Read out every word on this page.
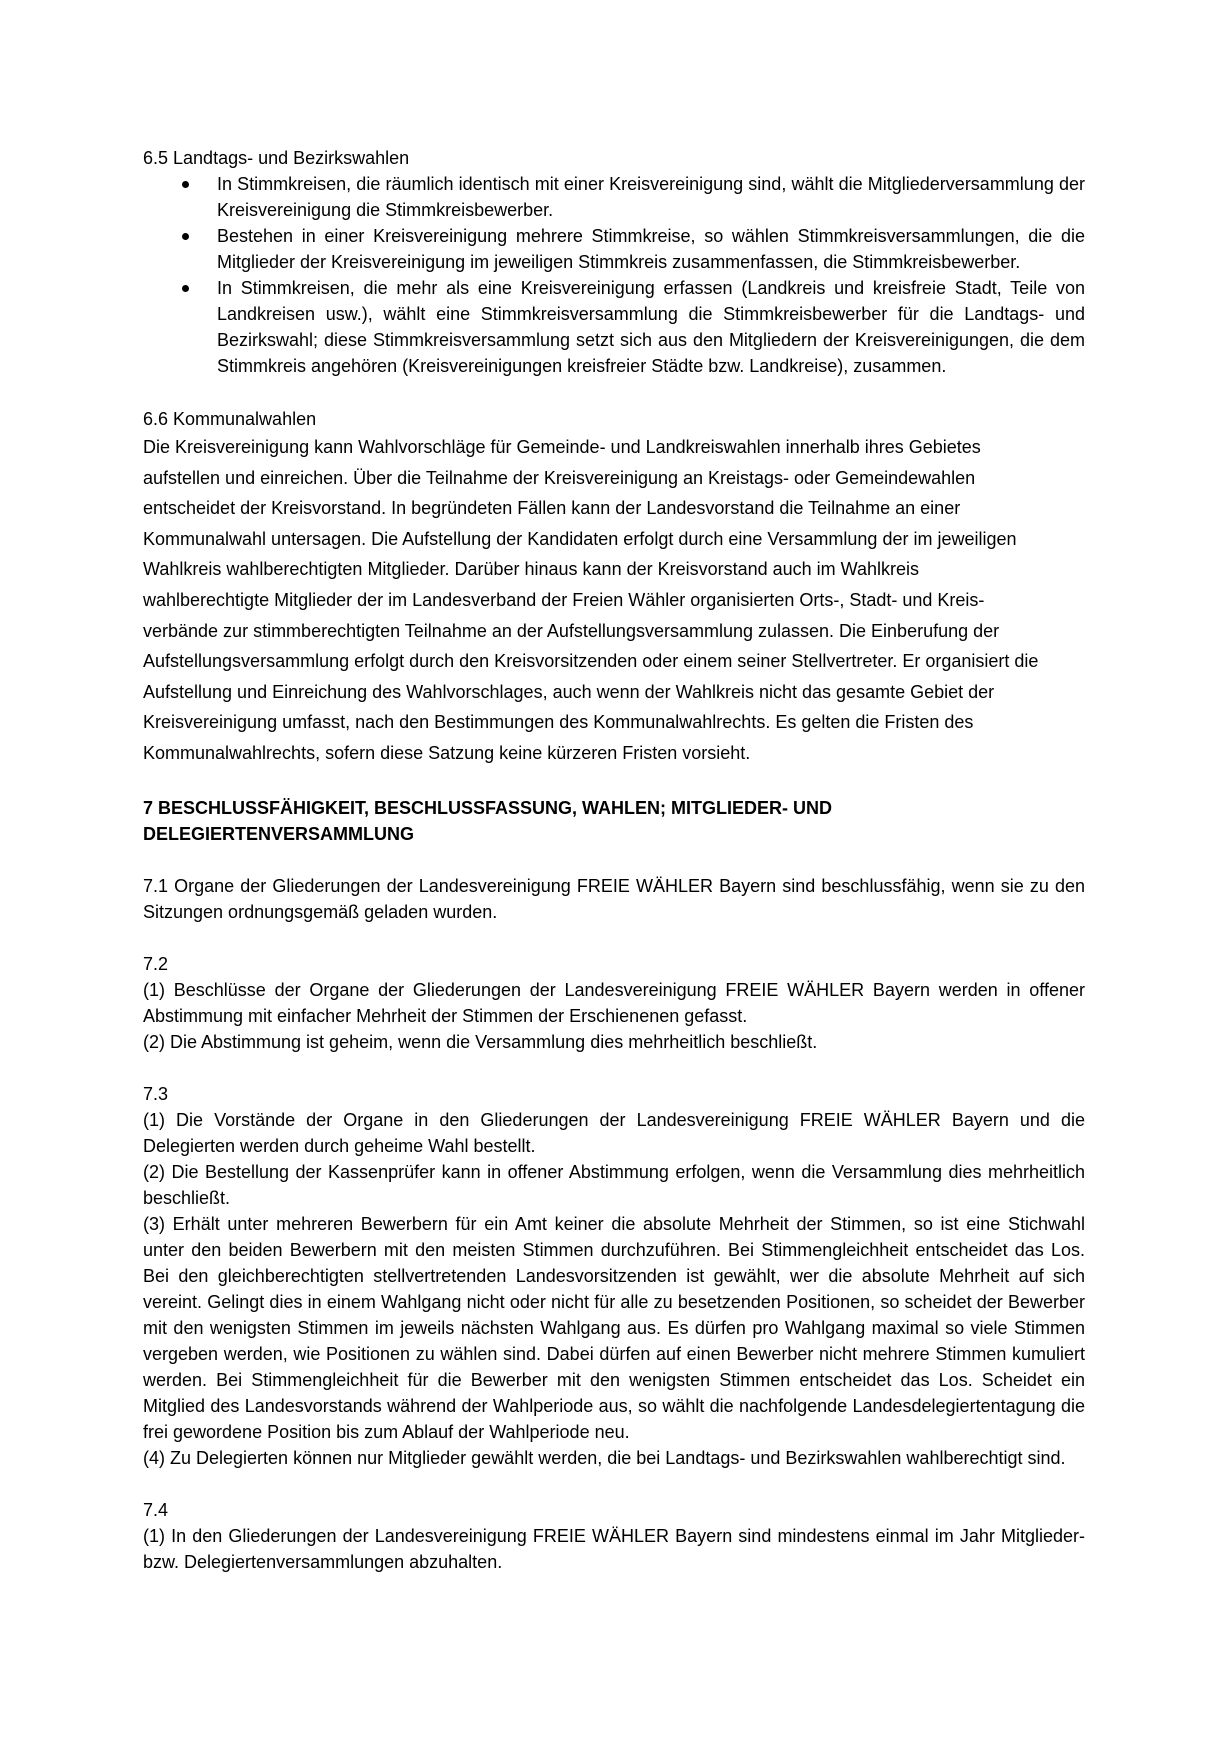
6.5 Landtags- und Bezirkswahlen

In Stimmkreisen, die räumlich identisch mit einer Kreisvereinigung sind, wählt die Mitgliederversammlung der Kreisvereinigung die Stimmkreisbewerber.
Bestehen in einer Kreisvereinigung mehrere Stimmkreise, so wählen Stimmkreisversammlungen, die die Mitglieder der Kreisvereinigung im jeweiligen Stimmkreis zusammenfassen, die Stimmkreisbewerber.
In Stimmkreisen, die mehr als eine Kreisvereinigung erfassen (Landkreis und kreisfreie Stadt, Teile von Landkreisen usw.), wählt eine Stimmkreisversammlung die Stimmkreisbewerber für die Landtags- und Bezirkswahl; diese Stimmkreisversammlung setzt sich aus den Mitgliedern der Kreisvereinigungen, die dem Stimmkreis angehören (Kreisvereinigungen kreisfreier Städte bzw. Landkreise), zusammen.

6.6 Kommunalwahlen

Die Kreisvereinigung kann Wahlvorschläge für Gemeinde- und Landkreiswahlen innerhalb ihres Gebietes
aufstellen und einreichen. Über die Teilnahme der Kreisvereinigung an Kreistags- oder Gemeindewahlen
entscheidet der Kreisvorstand. In begründeten Fällen kann der Landesvorstand die Teilnahme an einer
Kommunalwahl untersagen. Die Aufstellung der Kandidaten erfolgt durch eine Versammlung der im jeweiligen
Wahlkreis wahlberechtigten Mitglieder. Darüber hinaus kann der Kreisvorstand auch im Wahlkreis
wahlberechtigte Mitglieder der im Landesverband der Freien Wähler organisierten Orts-, Stadt- und Kreis-
verbände zur stimmberechtigten Teilnahme an der Aufstellungsversammlung zulassen. Die Einberufung der
Aufstellungsversammlung erfolgt durch den Kreisvorsitzenden oder einem seiner Stellvertreter. Er organisiert die
Aufstellung und Einreichung des Wahlvorschlages, auch wenn der Wahlkreis nicht das gesamte Gebiet der
Kreisvereinigung umfasst, nach den Bestimmungen des Kommunalwahlrechts. Es gelten die Fristen des
Kommunalwahlrechts, sofern diese Satzung keine kürzeren Fristen vorsieht.
7 BESCHLUSSFÄHIGKEIT, BESCHLUSSFASSUNG, WAHLEN; MITGLIEDER- UND
DELEGIERTENVERSAMMLUNG

7.1 Organe der Gliederungen der Landesvereinigung FREIE WÄHLER Bayern sind beschlussfähig, wenn sie zu den Sitzungen ordnungsgemäß geladen wurden.

7.2

(1) Beschlüsse der Organe der Gliederungen der Landesvereinigung FREIE WÄHLER Bayern werden in offener Abstimmung mit einfacher Mehrheit der Stimmen der Erschienenen gefasst.

(2) Die Abstimmung ist geheim, wenn die Versammlung dies mehrheitlich beschließt.

7.3

(1) Die Vorstände der Organe in den Gliederungen der Landesvereinigung FREIE WÄHLER Bayern und die Delegierten werden durch geheime Wahl bestellt.

(2) Die Bestellung der Kassenprüfer kann in offener Abstimmung erfolgen, wenn die Versammlung dies mehrheitlich beschließt.

(3) Erhält unter mehreren Bewerbern für ein Amt keiner die absolute Mehrheit der Stimmen, so ist eine Stichwahl unter den beiden Bewerbern mit den meisten Stimmen durchzuführen. Bei Stimmengleichheit entscheidet das Los. Bei den gleichberechtigten stellvertretenden Landesvorsitzenden ist gewählt, wer die absolute Mehrheit auf sich vereint. Gelingt dies in einem Wahlgang nicht oder nicht für alle zu besetzenden Positionen, so scheidet der Bewerber mit den wenigsten Stimmen im jeweils nächsten Wahlgang aus. Es dürfen pro Wahlgang maximal so viele Stimmen vergeben werden, wie Positionen zu wählen sind. Dabei dürfen auf einen Bewerber nicht mehrere Stimmen kumuliert werden. Bei Stimmengleichheit für die Bewerber mit den wenigsten Stimmen entscheidet das Los. Scheidet ein Mitglied des Landesvorstands während der Wahlperiode aus, so wählt die nachfolgende Landesdelegiertentagung die frei gewordene Position bis zum Ablauf der Wahlperiode neu.

(4) Zu Delegierten können nur Mitglieder gewählt werden, die bei Landtags- und Bezirkswahlen wahlberechtigt sind.

7.4

(1) In den Gliederungen der Landesvereinigung FREIE WÄHLER Bayern sind mindestens einmal im Jahr Mitglieder- bzw. Delegiertenversammlungen abzuhalten.
